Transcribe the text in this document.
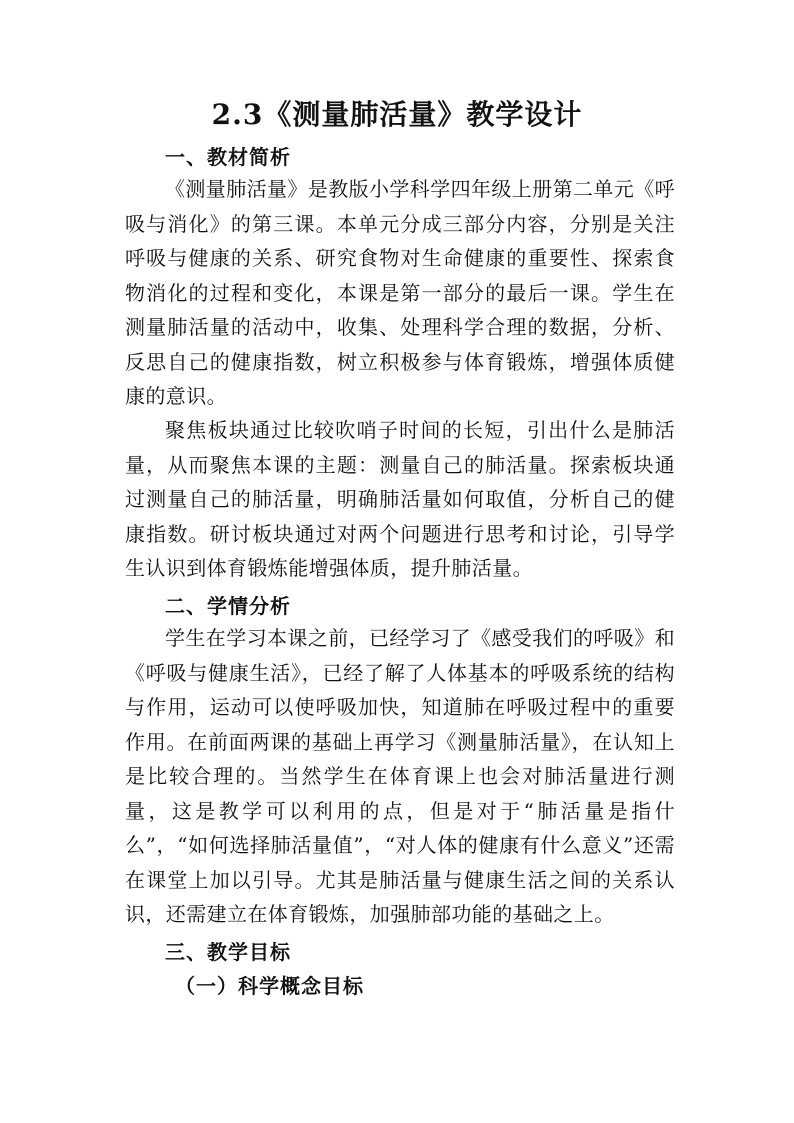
2.3《测量肺活量》教学设计
一、教材简析

《测量肺活量》是教版小学科学四年级上册第二单元《呼吸与消化》的第三课。本单元分成三部分内容，分别是关注呼吸与健康的关系、研究食物对生命健康的重要性、探索食物消化的过程和变化，本课是第一部分的最后一课。学生在测量肺活量的活动中，收集、处理科学合理的数据，分析、反思自己的健康指数，树立积极参与体育锻炼，增强体质健康的意识。

聚焦板块通过比较吹哨子时间的长短，引出什么是肺活量，从而聚焦本课的主题：测量自己的肺活量。探索板块通过测量自己的肺活量，明确肺活量如何取值，分析自己的健康指数。研讨板块通过对两个问题进行思考和讨论，引导学生认识到体育锻炼能增强体质，提升肺活量。

二、学情分析

学生在学习本课之前，已经学习了《感受我们的呼吸》和《呼吸与健康生活》，已经了解了人体基本的呼吸系统的结构与作用，运动可以使呼吸加快，知道肺在呼吸过程中的重要作用。在前面两课的基础上再学习《测量肺活量》，在认知上是比较合理的。当然学生在体育课上也会对肺活量进行测量，这是教学可以利用的点，但是对于“肺活量是指什么”，“如何选择肺活量值”，“对人体的健康有什么意义”还需在课堂上加以引导。尤其是肺活量与健康生活之间的关系认识，还需建立在体育锻炼，加强肺部功能的基础之上。

三、教学目标
（一）科学概念目标
